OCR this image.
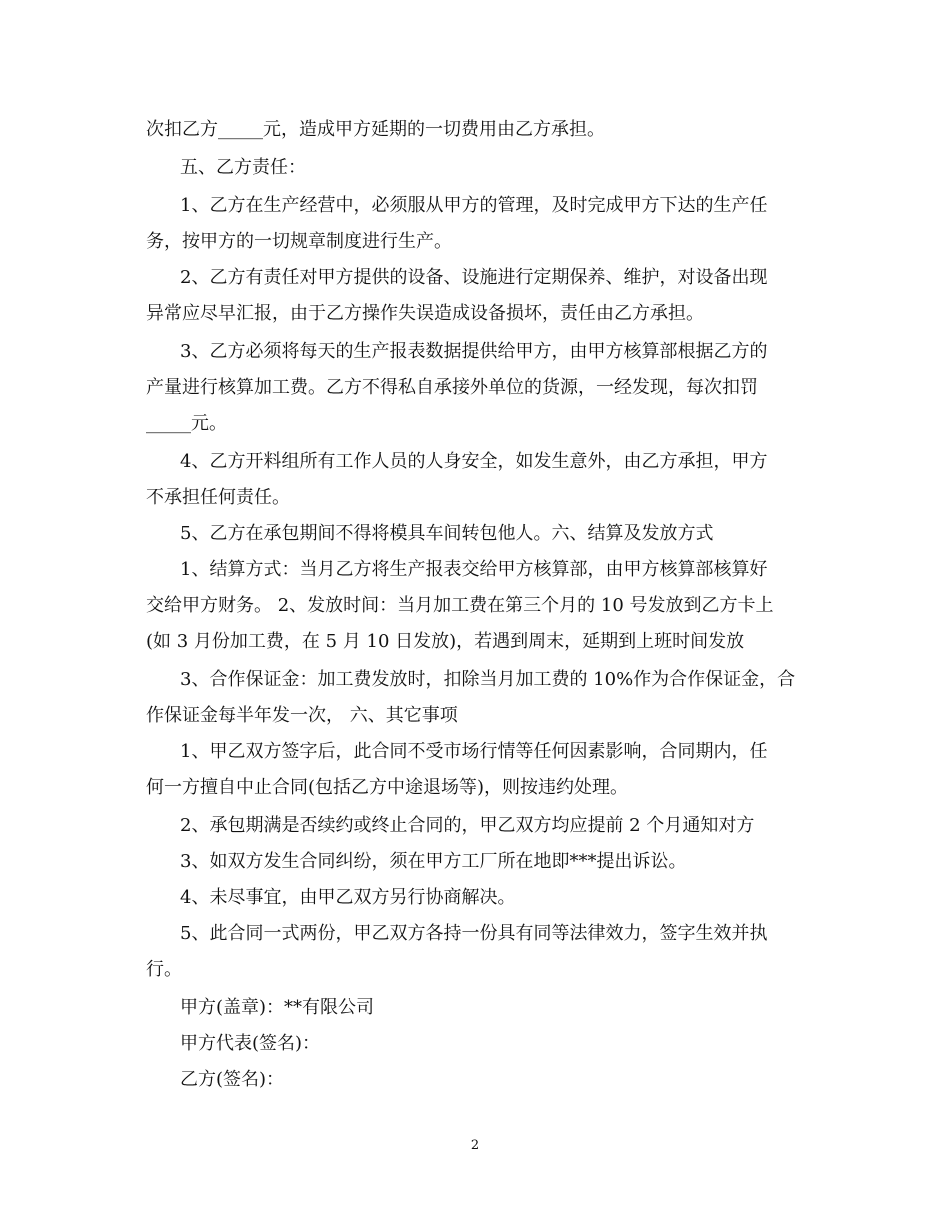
次扣乙方_____元，造成甲方延期的一切费用由乙方承担。
五、乙方责任：
1、乙方在生产经营中，必须服从甲方的管理，及时完成甲方下达的生产任
务，按甲方的一切规章制度进行生产。
2、乙方有责任对甲方提供的设备、设施进行定期保养、维护，对设备出现
异常应尽早汇报，由于乙方操作失误造成设备损坏，责任由乙方承担。
3、乙方必须将每天的生产报表数据提供给甲方，由甲方核算部根据乙方的
产量进行核算加工费。乙方不得私自承接外单位的货源，一经发现，每次扣罚
_____元。
4、乙方开料组所有工作人员的人身安全，如发生意外，由乙方承担，甲方
不承担任何责任。
5、乙方在承包期间不得将模具车间转包他人。六、结算及发放方式
1、结算方式：当月乙方将生产报表交给甲方核算部，由甲方核算部核算好
交给甲方财务。 2、发放时间：当月加工费在第三个月的 10 号发放到乙方卡上
(如 3 月份加工费，在 5 月 10 日发放)，若遇到周末，延期到上班时间发放
3、合作保证金：加工费发放时，扣除当月加工费的 10%作为合作保证金，合
作保证金每半年发一次， 六、其它事项
1、甲乙双方签字后，此合同不受市场行情等任何因素影响，合同期内，任
何一方擅自中止合同(包括乙方中途退场等)，则按违约处理。
2、承包期满是否续约或终止合同的，甲乙双方均应提前 2 个月通知对方
3、如双方发生合同纠纷，须在甲方工厂所在地即***提出诉讼。
4、未尽事宜，由甲乙双方另行协商解决。
5、此合同一式两份，甲乙双方各持一份具有同等法律效力，签字生效并执
行。
甲方(盖章)：**有限公司
甲方代表(签名)：
乙方(签名)：
2
